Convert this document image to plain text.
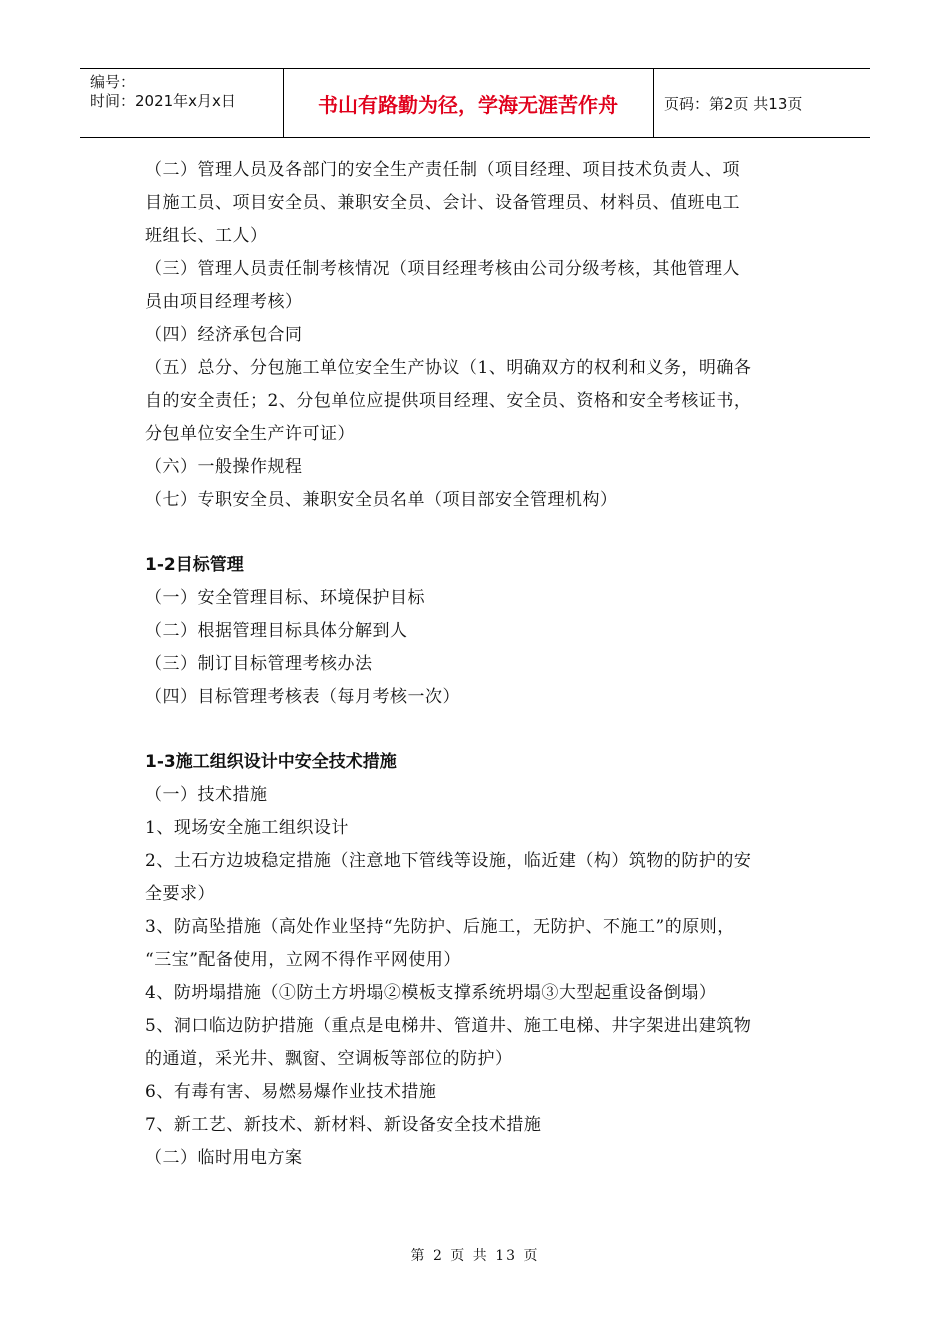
编号：
时间：2021年x月x日	书山有路勤为径，学海无涯苦作舟	页码：第2页 共13页

（二）管理人员及各部门的安全生产责任制（项目经理、项目技术负责人、项

目施工员、项目安全员、兼职安全员、会计、设备管理员、材料员、值班电工

班组长、工人）

（三）管理人员责任制考核情况（项目经理考核由公司分级考核，其他管理人

员由项目经理考核）

（四）经济承包合同

（五）总分、分包施工单位安全生产协议（1、明确双方的权利和义务，明确各

自的安全责任；2、分包单位应提供项目经理、安全员、资格和安全考核证书，

分包单位安全生产许可证）

（六）一般操作规程

（七）专职安全员、兼职安全员名单（项目部安全管理机构）

1-2目标管理

（一）安全管理目标、环境保护目标

（二）根据管理目标具体分解到人

（三）制订目标管理考核办法

（四）目标管理考核表（每月考核一次）

1-3施工组织设计中安全技术措施

（一）技术措施

1、现场安全施工组织设计

2、土石方边坡稳定措施（注意地下管线等设施，临近建（构）筑物的防护的安

全要求）

3、防高坠措施（高处作业坚持“先防护、后施工，无防护、不施工”的原则，

“三宝”配备使用，立网不得作平网使用）

4、防坍塌措施（①防土方坍塌②模板支撑系统坍塌③大型起重设备倒塌）

5、洞口临边防护措施（重点是电梯井、管道井、施工电梯、井字架进出建筑物

的通道，采光井、飘窗、空调板等部位的防护）

6、有毒有害、易燃易爆作业技术措施

7、新工艺、新技术、新材料、新设备安全技术措施

（二）临时用电方案

第 2 页 共 13 页
